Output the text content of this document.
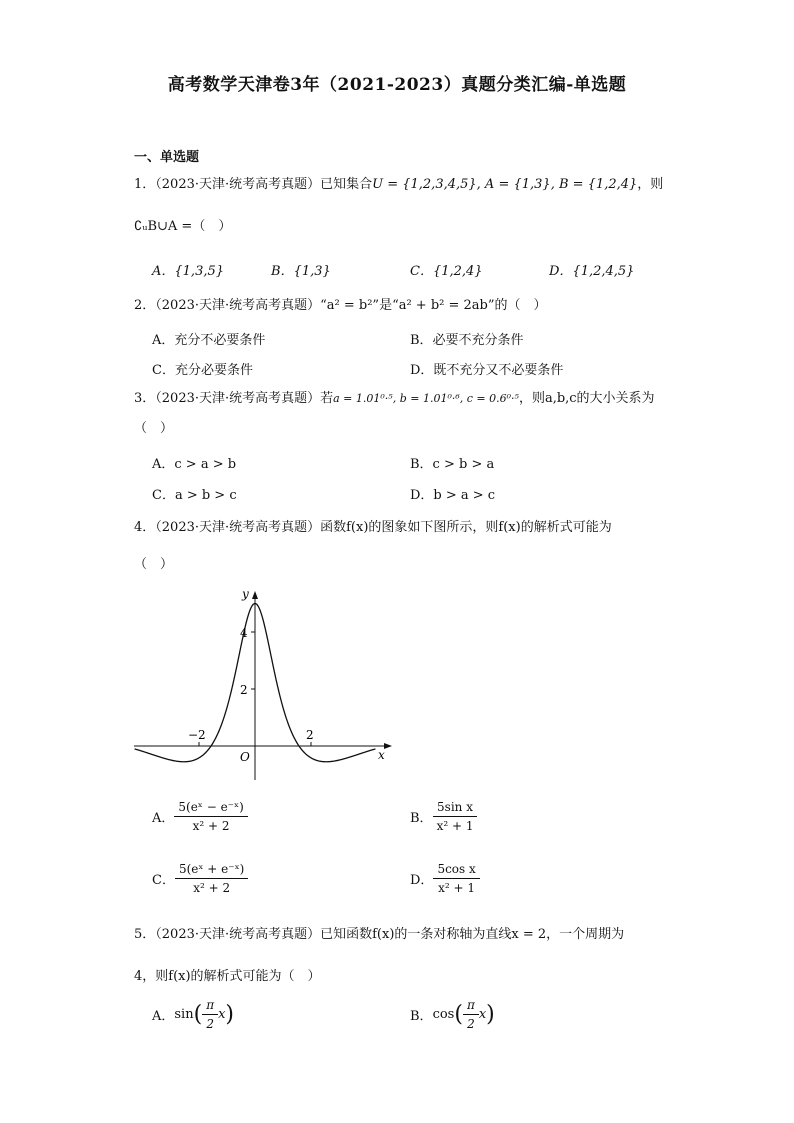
高考数学天津卷3年（2021-2023）真题分类汇编-单选题
一、单选题
1．（2023·天津·统考高考真题）已知集合U = {1,2,3,4,5}, A = {1,3}, B = {1,2,4}，则
∁ᵤB∪A =（　）
A．{1,3,5}	B．{1,3}	C．{1,2,4}	D．{1,2,4,5}
2．（2023·天津·统考高考真题）“a² = b²”是“a² + b² = 2ab”的（　）
A．充分不必要条件	B．必要不充分条件
C．充分必要条件	D．既不充分又不必要条件
3．（2023·天津·统考高考真题）若a = 1.01⁰·⁵, b = 1.01⁰·⁶, c = 0.6⁰·⁵，则a,b,c的大小关系为
（　）
A．c > a > b	B．c > b > a
C．a > b > c	D．b > a > c
4．（2023·天津·统考高考真题）函数f(x)的图象如下图所示，则f(x)的解析式可能为
（　）
y
x
O
4
2
−2	2
A． $\frac{\text{5(eˣ − e⁻ˣ)}}{\text{x² + 2}}$	B． $\frac{\text{5sin x}}{\text{x² + 1}}$
C． $\frac{\text{5(eˣ + e⁻ˣ)}}{\text{x² + 2}}$	D． $\frac{\text{5cos x}}{\text{x² + 1}}$
5．（2023·天津·统考高考真题）已知函数f(x)的一条对称轴为直线x = 2，一个周期为
4，则f(x)的解析式可能为（　）
A．$\sin( \frac{\pi}{2} x)$	B．$\cos( \frac{\pi}{2} x)$
